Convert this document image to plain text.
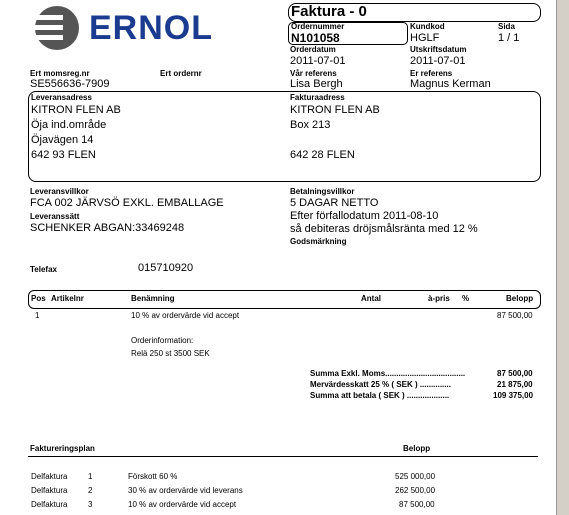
ERNOL	Faktura - 0
Ordernummer
N101058
Kundkod
HGLF
Sida
1 / 1
Orderdatum
2011-07-01
Utskriftsdatum
2011-07-01
Ert momsreg.nr
SE556636-7909
Ert ordernr	Vår referens
Lisa Bergh
Er referens
Magnus Kerman
Leveransadress
KITRON FLEN AB
Öja ind.område
Öjavägen 14
642 93 FLEN
Fakturaadress
KITRON FLEN AB
Box 213
642 28 FLEN
Leveransvillkor
FCA 002 JÄRVSÖ EXKL. EMBALLAGE
Leveranssätt
SCHENKER ABGAN:33469248
Betalningsvillkor
5 DAGAR NETTO
Efter förfallodatum 2011-08-10
så debiteras dröjsmålsränta med 12 %
Godsmärkning
Telefax	015710920
Pos Artikelnr	Benämning	Antal	à-pris %	Belopp
1	10 % av ordervärde vid accept	87 500,00
Orderinformation:
Relä 250 st 3500 SEK
Summa Exkl. Moms....................................	87 500,00
Mervärdesskatt 25 % ( SEK ) ..............	21 875,00
Summa att betala ( SEK ) ...................	109 375,00
Faktureringsplan	Belopp
Delfaktura	1	Förskott 60 %	525 000,00
Delfaktura	2	30 % av ordervärde vid leverans	262 500,00
Delfaktura	3	10 % av ordervärde vid accept	87 500,00
